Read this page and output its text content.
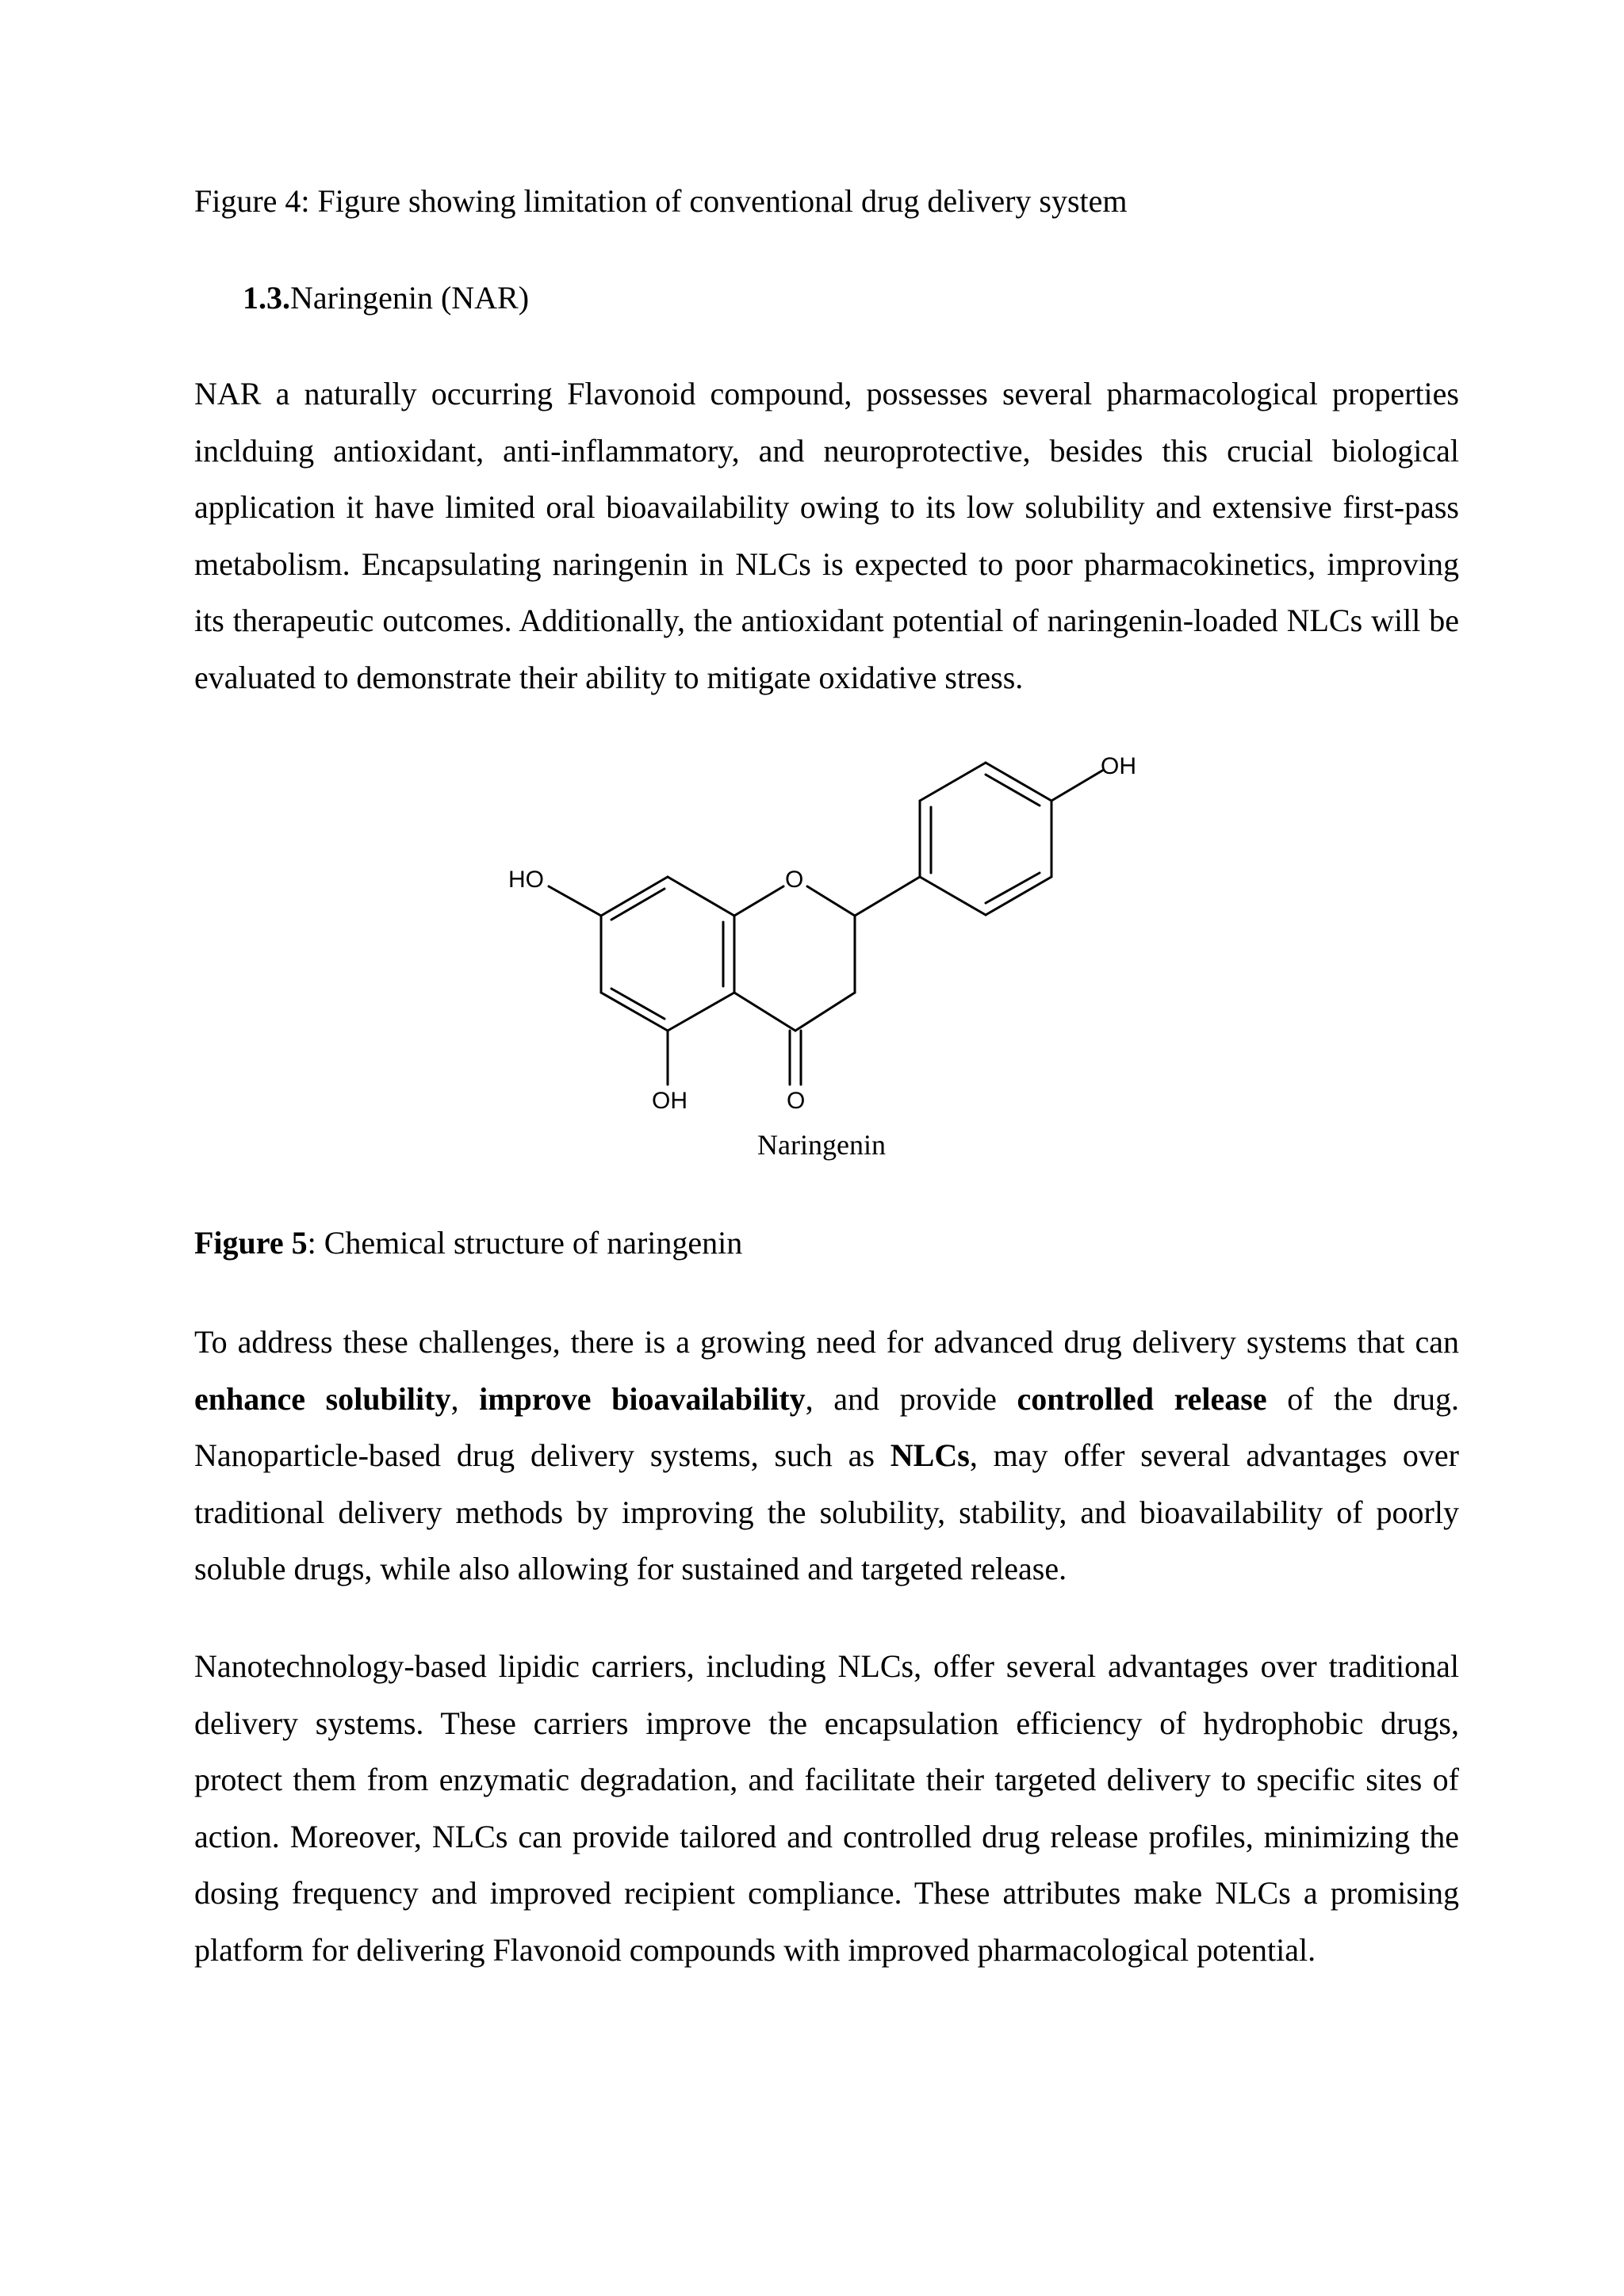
Figure 4: Figure showing limitation of conventional drug delivery system
1.3.Naringenin (NAR)
NAR a naturally occurring Flavonoid compound, possesses several pharmacological properties inclduing antioxidant, anti-inflammatory, and neuroprotective, besides this crucial biological application it have limited oral bioavailability owing to its low solubility and extensive first-pass metabolism. Encapsulating naringenin in NLCs is expected to poor pharmacokinetics, improving its therapeutic outcomes. Additionally, the antioxidant potential of naringenin-loaded NLCs will be evaluated to demonstrate their ability to mitigate oxidative stress.
OH
HO	O
OH	O
Naringenin
Figure 5: Chemical structure of naringenin
To address these challenges, there is a growing need for advanced drug delivery systems that can enhance solubility, improve bioavailability, and provide controlled release of the drug. Nanoparticle-based drug delivery systems, such as NLCs, may offer several advantages over traditional delivery methods by improving the solubility, stability, and bioavailability of poorly soluble drugs, while also allowing for sustained and targeted release.
Nanotechnology-based lipidic carriers, including NLCs, offer several advantages over traditional delivery systems. These carriers improve the encapsulation efficiency of hydrophobic drugs, protect them from enzymatic degradation, and facilitate their targeted delivery to specific sites of action. Moreover, NLCs can provide tailored and controlled drug release profiles, minimizing the dosing frequency and improved recipient compliance. These attributes make NLCs a promising platform for delivering Flavonoid compounds with improved pharmacological potential.
